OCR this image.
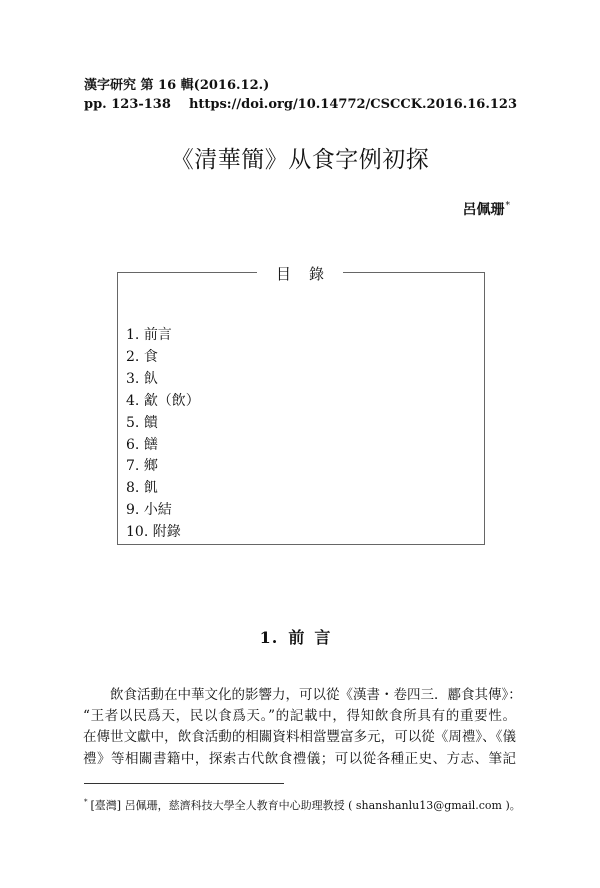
漢字研究 第 16 輯(2016.12.)
pp. 123-138	https://doi.org/10.14772/CSCCK.2016.16.123
《清華簡》从食字例初探
呂佩珊*
目錄
1. 前言
2. 食
3. 飤
4. 㱃（飲）
5. 饋
6. 饍
7. 鄉
8. 飢
9. 小結
10. 附錄
1. 前言
飲食活動在中華文化的影響力，可以從《漢書・卷四三．酈食其傳》：
“王者以民爲天，民以食爲天。”的記載中，得知飲食所具有的重要性。
在傳世文獻中，飲食活動的相關資料相當豐富多元，可以從《周禮》、《儀
禮》等相關書籍中，探索古代飲食禮儀；可以從各種正史、方志、筆記
* [臺灣] 呂佩珊，慈濟科技大學全人教育中心助理教授 ( shanshanlu13@gmail.com )。
